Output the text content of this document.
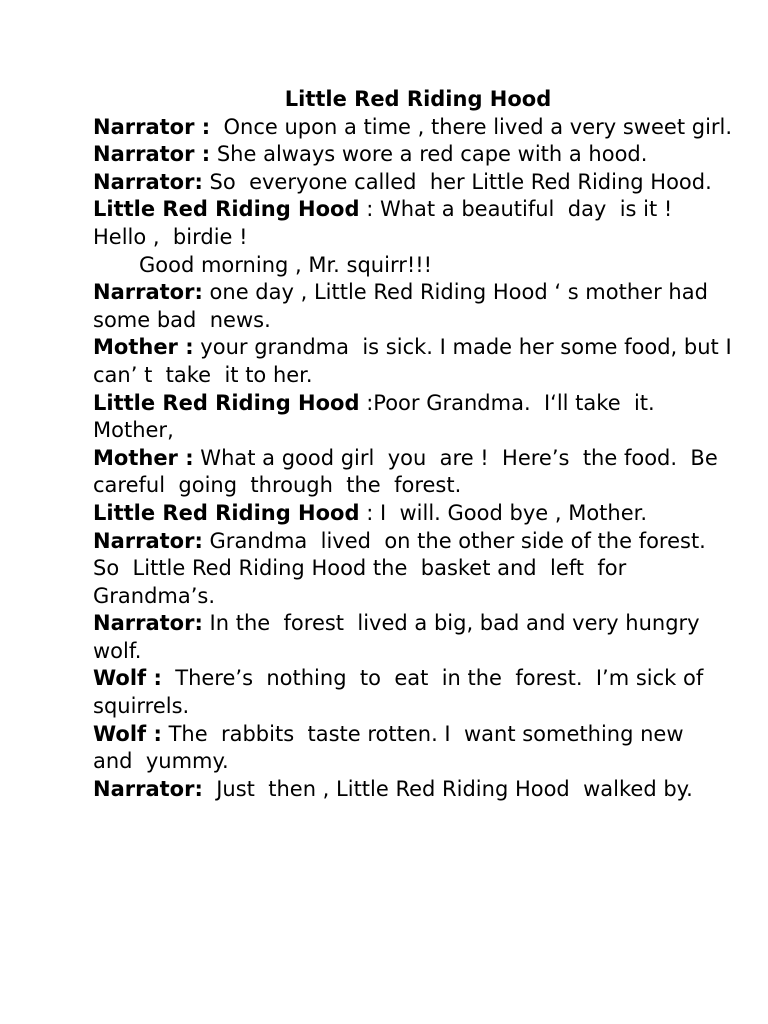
Little Red Riding Hood
Narrator :  Once upon a time , there lived a very sweet girl.
Narrator : She always wore a red cape with a hood.
Narrator: So  everyone called  her Little Red Riding Hood.
Little Red Riding Hood : What a beautiful  day  is it !   Hello ,  birdie !
Good morning , Mr. squirr!!!
Narrator: one day , Little Red Riding Hood ‘ s mother had  some bad  news.
Mother : your grandma  is sick. I made her some food, but I can’ t  take  it to her.
Little Red Riding Hood :Poor Grandma.  I‘ll take  it. Mother,
Mother : What a good girl  you  are !  Here’s  the food.  Be careful  going  through  the  forest.
Little Red Riding Hood : I  will. Good bye , Mother.
Narrator: Grandma  lived  on the other side of the forest.
So  Little Red Riding Hood the  basket and  left  for Grandma’s.
Narrator: In the  forest  lived a big, bad and very hungry  wolf.
Wolf :  There’s  nothing  to  eat  in the  forest.  I’m sick of  squirrels.
Wolf : The  rabbits  taste rotten. I  want something new  and  yummy.
Narrator:  Just  then , Little Red Riding Hood  walked by.
